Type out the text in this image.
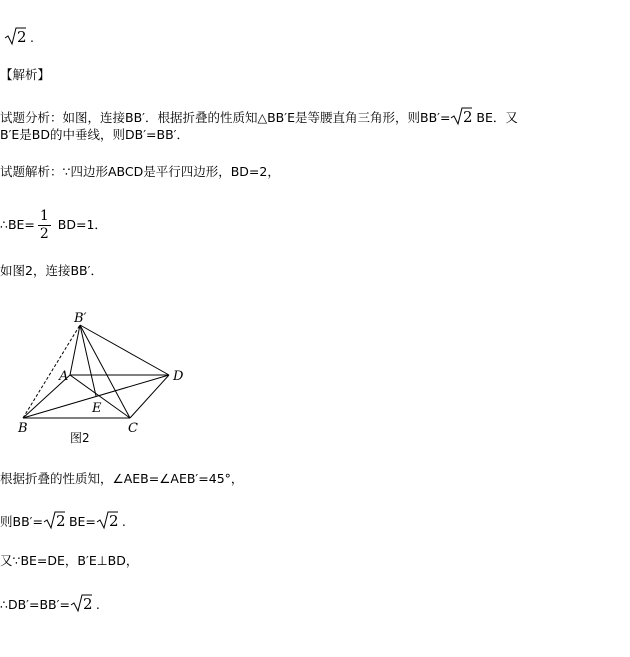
2 .
【解析】
试题分析：如图，连接BB′．根据折叠的性质知△BB′E是等腰直角三角形，则BB′= 2 BE．又
B′E是BD的中垂线，则DB′=BB′．
试题解析：∵四边形ABCD是平行四边形，BD=2，
∴BE= $\frac{1}{2} BD=1$．
如图2，连接BB′．
B′
A	D
E
B	C
图2
根据折叠的性质知，∠AEB=∠AEB′=45°，
则BB′= 2 BE= 2 .
又∵BE=DE，B′E⊥BD，
∴DB′=BB′= 2 .
